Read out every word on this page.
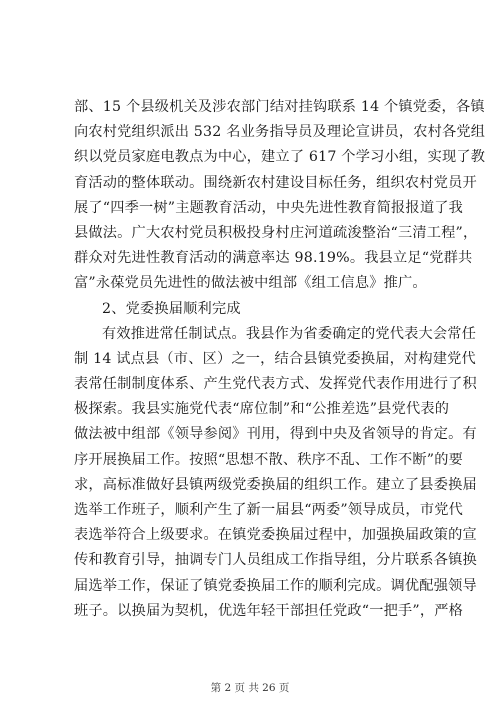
部、15 个县级机关及涉农部门结对挂钩联系 14 个镇党委，各镇
向农村党组织派出 532 名业务指导员及理论宣讲员，农村各党组
织以党员家庭电教点为中心，建立了 617 个学习小组，实现了教
育活动的整体联动。围绕新农村建设目标任务，组织农村党员开
展了“四季一树”主题教育活动，中央先进性教育简报报道了我
县做法。广大农村党员积极投身村庄河道疏浚整治“三清工程”，
群众对先进性教育活动的满意率达 98.19%。我县立足“党群共
富”永葆党员先进性的做法被中组部《组工信息》推广。
2、党委换届顺利完成
有效推进常任制试点。我县作为省委确定的党代表大会常任
制 14 试点县（市、区）之一，结合县镇党委换届，对构建党代
表常任制制度体系、产生党代表方式、发挥党代表作用进行了积
极探索。我县实施党代表“席位制”和“公推差选”县党代表的
做法被中组部《领导参阅》刊用，得到中央及省领导的肯定。有
序开展换届工作。按照“思想不散、秩序不乱、工作不断”的要
求，高标准做好县镇两级党委换届的组织工作。建立了县委换届
选举工作班子，顺利产生了新一届县“两委”领导成员，市党代
表选举符合上级要求。在镇党委换届过程中，加强换届政策的宣
传和教育引导，抽调专门人员组成工作指导组，分片联系各镇换
届选举工作，保证了镇党委换届工作的顺利完成。调优配强领导
班子。以换届为契机，优选年轻干部担任党政“一把手”，严格
第 2 页 共 26 页
